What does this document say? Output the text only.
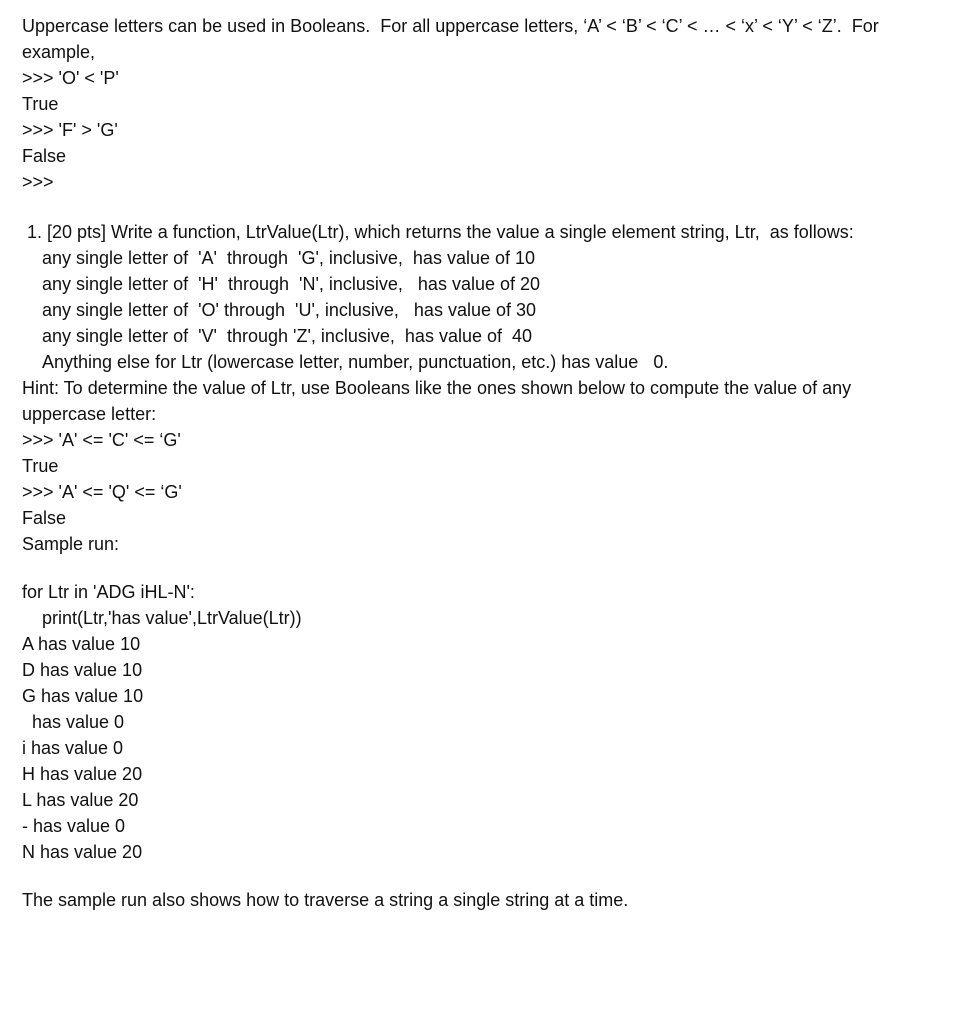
Uppercase letters can be used in Booleans.  For all uppercase letters, ‘A’ < ‘B’ < ‘C’ < … < ‘x’ < ‘Y’ < ‘Z’.  For
example,
>>> 'O' < 'P'
True
>>> 'F' > 'G'
False
>>>
1. [20 pts] Write a function, LtrValue(Ltr), which returns the value a single element string, Ltr,  as follows:
any single letter of  'A'  through  'G', inclusive,  has value of 10
any single letter of  'H'  through  'N', inclusive,   has value of 20
any single letter of  'O' through  'U', inclusive,   has value of 30
any single letter of  'V'  through 'Z', inclusive,  has value of  40
Anything else for Ltr (lowercase letter, number, punctuation, etc.) has value   0.
Hint: To determine the value of Ltr, use Booleans like the ones shown below to compute the value of any
uppercase letter:
>>> 'A' <= 'C' <= ‘G'
True
>>> 'A' <= 'Q' <= ‘G'
False
Sample run:
for Ltr in 'ADG iHL-N':
print(Ltr,'has value',LtrValue(Ltr))
A has value 10
D has value 10
G has value 10
has value 0
i has value 0
H has value 20
L has value 20
- has value 0
N has value 20
The sample run also shows how to traverse a string a single string at a time.
